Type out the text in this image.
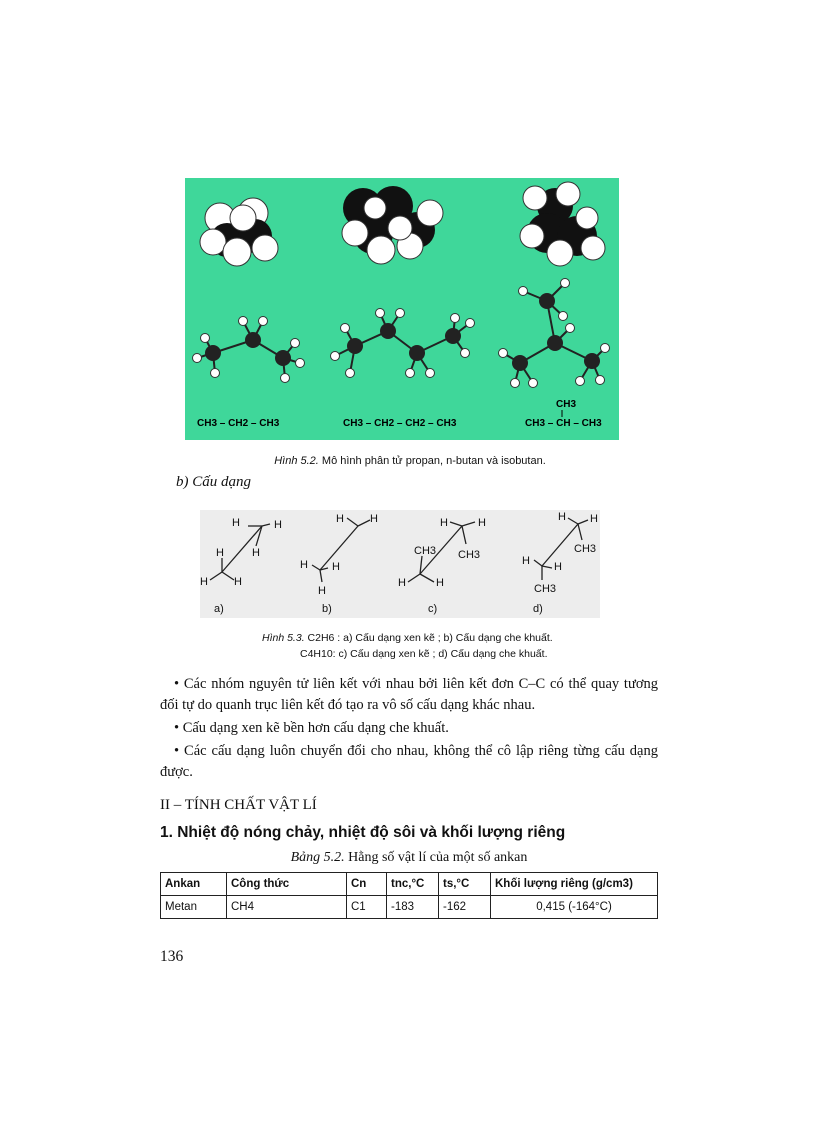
CH3 – CH2 – CH3	CH3 – CH2 – CH2 – CH3	CH3 – CH – CH3
CH3
Hình 5.2. Mô hình phân tử propan, n-butan và isobutan.
b) Cấu dạng
H	H
H
H
H H
H H
H H
H
H	H
CH3
CH3
H	H
H H
CH3
H H
CH3
a)	b)	c)	d)
Hình 5.3. C2H6 : a) Cấu dạng xen kẽ ; b) Cấu dạng che khuất.
C4H10: c) Cấu dạng xen kẽ ; d) Cấu dạng che khuất.
• Các nhóm nguyên tử liên kết với nhau bởi liên kết đơn C–C có thể quay tương đối tự do quanh trục liên kết đó tạo ra vô số cấu dạng khác nhau.
• Cấu dạng xen kẽ bền hơn cấu dạng che khuất.
• Các cấu dạng luôn chuyển đổi cho nhau, không thể cô lập riêng từng cấu dạng được.
II – TÍNH CHẤT VẬT LÍ
1. Nhiệt độ nóng chảy, nhiệt độ sôi và khối lượng riêng
Bảng 5.2. Hằng số vật lí của một số ankan
Ankan	Công thức	Cn	tnc,°C	ts,°C	Khối lượng riêng (g/cm3)
Metan	CH4	C1	-183	-162	0,415 (-164°C)
136
